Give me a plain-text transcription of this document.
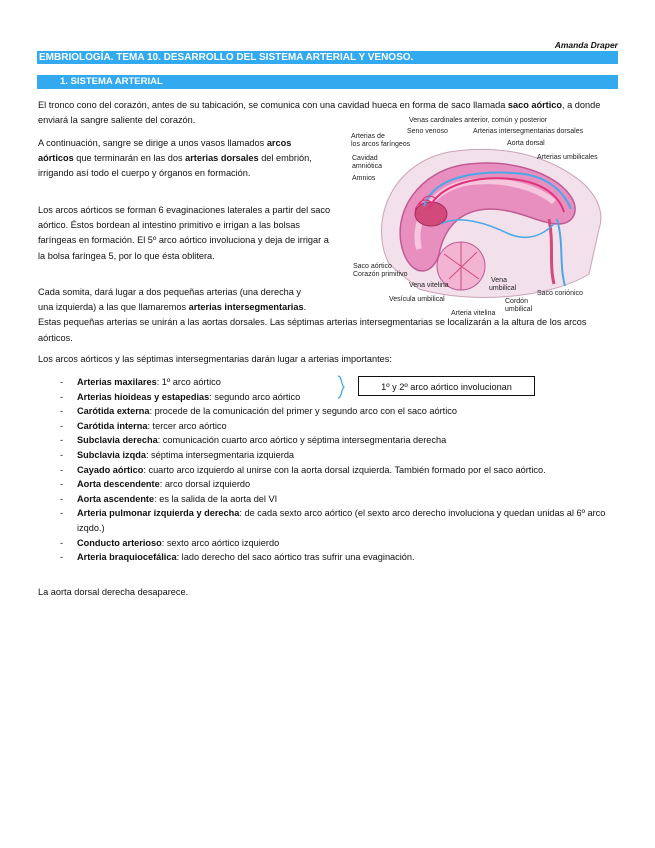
Amanda Draper
EMBRIOLOGÍA. TEMA 10. DESARROLLO DEL SISTEMA ARTERIAL Y VENOSO.
1. SISTEMA ARTERIAL
El tronco cono del corazón, antes de su tabicación, se comunica con una cavidad hueca en forma de saco llamada saco aórtico, a donde enviará la sangre saliente del corazón.
A continuación, sangre se dirige a unos vasos llamados arcos aórticos que terminarán en las dos arterias dorsales del embrión, irrigando así todo el cuerpo y órganos en formación.
Los arcos aórticos se forman 6 evaginaciones laterales a partir del saco aórtico. Éstos bordean al intestino primitivo e irrigan a las bolsas faríngeas en formación. El 5º arco aórtico involuciona y deja de irrigar a la bolsa faríngea 5, por lo que ésta oblitera.
Cada somita, dará lugar a dos pequeñas arterias (una derecha y una izquierda) a las que llamaremos arterias intersegmentarias. Estas pequeñas arterias se unirán a las aortas dorsales. Las séptimas arterias intersegmentarias se localizarán a la altura de los arcos aórticos.
Los arcos aórticos y las séptimas intersegmentarias darán lugar a arterias importantes:
Venas cardinales anterior, común y posterior
Arterias de
los arcos faríngeos
Seno venoso	Arterias intersegmentarias dorsales
Aorta dorsal
Cavidad
amniótica
Arterias umbilicales
Amnios
Saco aórtico
Corazón primitivo
Vena vitelina
Vena
umbilical
Saco coriónico
Vesícula umbilical	Cordón
umbilical
Arteria vitelina
1º y 2º arco aórtico involucionan
- Arterias maxilares: 1º arco aórtico
- Arterias hioideas y estapedias: segundo arco aórtico
- Carótida externa: procede de la comunicación del primer y segundo arco con el saco aórtico
- Carótida interna: tercer arco aórtico
- Subclavia derecha: comunicación cuarto arco aórtico y séptima intersegmentaria derecha
- Subclavia izqda: séptima intersegmentaria izquierda
- Cayado aórtico: cuarto arco izquierdo al unirse con la aorta dorsal izquierda. También formado por el saco aórtico.
- Aorta descendente: arco dorsal izquierdo
- Aorta ascendente: es la salida de la aorta del VI
- Arteria pulmonar izquierda y derecha: de cada sexto arco aórtico (el sexto arco derecho involuciona y quedan unidas al 6º arco izqdo.)
- Conducto arterioso: sexto arco aórtico izquierdo
- Arteria braquiocefálica: lado derecho del saco aórtico tras sufrir una evaginación.
La aorta dorsal derecha desaparece.
